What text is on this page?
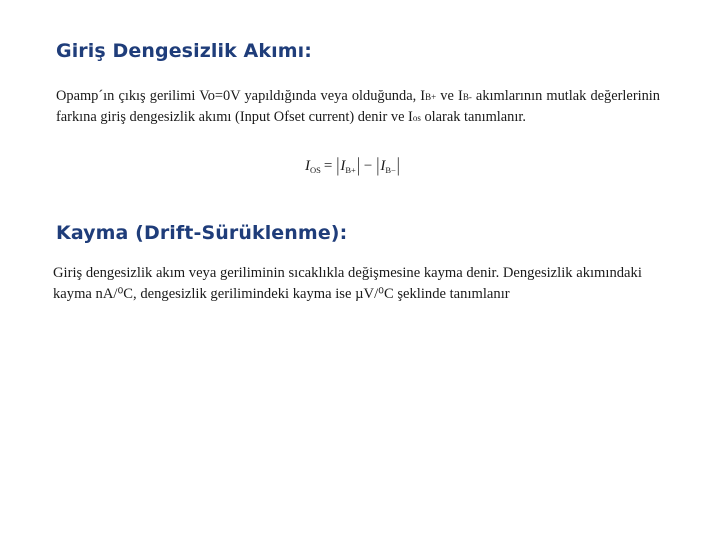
Giriş Dengesizlik Akımı:

Opamp´ın çıkış gerilimi Vo=0V yapıldığında veya olduğunda, IB+ ve IB- akımlarının mutlak değerlerinin farkına giriş dengesizlik akımı (Input Ofset current) denir ve Ios olarak tanımlanır.

$I_{OS} = |I_{B+}| - |I_{B-}|$
Kayma (Drift-Sürüklenme):

Giriş dengesizlik akım veya geriliminin sıcaklıkla değişmesine kayma denir. Dengesizlik akımındaki kayma nA/⁰C, dengesizlik gerilimindeki kayma ise µV/⁰C şeklinde tanımlanır
